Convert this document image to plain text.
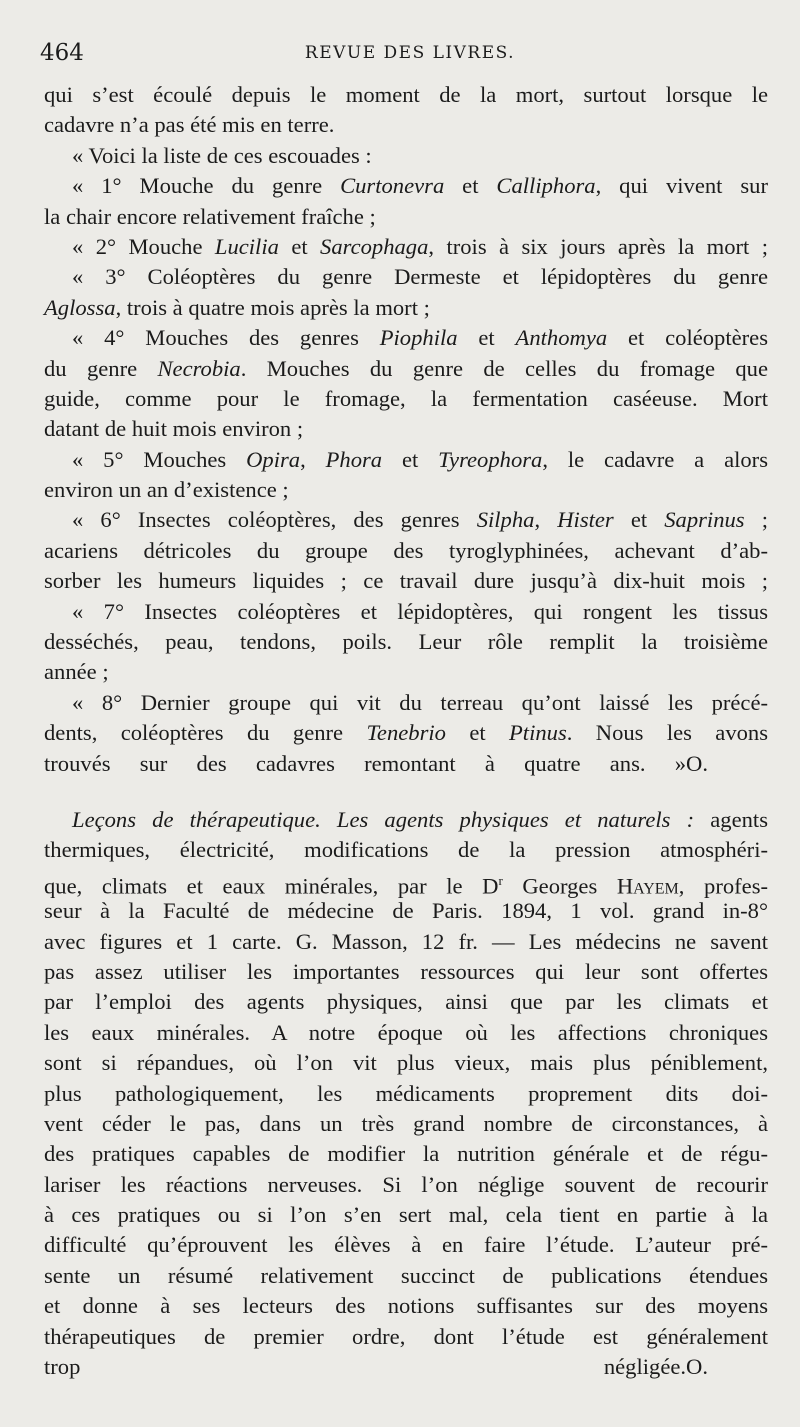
464	REVUE DES LIVRES.
qui s’est écoulé depuis le moment de la mort, surtout lorsque le
cadavre n’a pas été mis en terre.
« Voici la liste de ces escouades :
« 1° Mouche du genre Curtonevra et Calliphora, qui vivent sur
la chair encore relativement fraîche ;
« 2° Mouche Lucilia et Sarcophaga, trois à six jours après la mort ;
« 3° Coléoptères du genre Dermeste et lépidoptères du genre
Aglossa, trois à quatre mois après la mort ;
« 4° Mouches des genres Piophila et Anthomya et coléoptères
du genre Necrobia. Mouches du genre de celles du fromage que
guide, comme pour le fromage, la fermentation caséeuse. Mort
datant de huit mois environ ;
« 5° Mouches Opira, Phora et Tyreophora, le cadavre a alors
environ un an d’existence ;
« 6° Insectes coléoptères, des genres Silpha, Hister et Saprinus ;
acariens détricoles du groupe des tyroglyphinées, achevant d’ab-
sorber les humeurs liquides ; ce travail dure jusqu’à dix-huit mois ;
« 7° Insectes coléoptères et lépidoptères, qui rongent les tissus
desséchés, peau, tendons, poils. Leur rôle remplit la troisième
année ;
« 8° Dernier groupe qui vit du terreau qu’ont laissé les précé-
dents, coléoptères du genre Tenebrio et Ptinus. Nous les avons
trouvés sur des cadavres remontant à quatre ans. »O.
Leçons de thérapeutique. Les agents physiques et naturels : agents
thermiques, électricité, modifications de la pression atmosphéri-
que, climats et eaux minérales, par le $D^r$ Georges Hayem, profes-
seur à la Faculté de médecine de Paris. 1894, 1 vol. grand in-8°
avec figures et 1 carte. G. Masson, 12 fr. — Les médecins ne savent
pas assez utiliser les importantes ressources qui leur sont offertes
par l’emploi des agents physiques, ainsi que par les climats et
les eaux minérales. A notre époque où les affections chroniques
sont si répandues, où l’on vit plus vieux, mais plus péniblement,
plus pathologiquement, les médicaments proprement dits doi-
vent céder le pas, dans un très grand nombre de circonstances, à
des pratiques capables de modifier la nutrition générale et de régu-
lariser les réactions nerveuses. Si l’on néglige souvent de recourir
à ces pratiques ou si l’on s’en sert mal, cela tient en partie à la
difficulté qu’éprouvent les élèves à en faire l’étude. L’auteur pré-
sente un résumé relativement succinct de publications étendues
et donne à ses lecteurs des notions suffisantes sur des moyens
thérapeutiques de premier ordre, dont l’étude est généralement
trop négligée.O.
